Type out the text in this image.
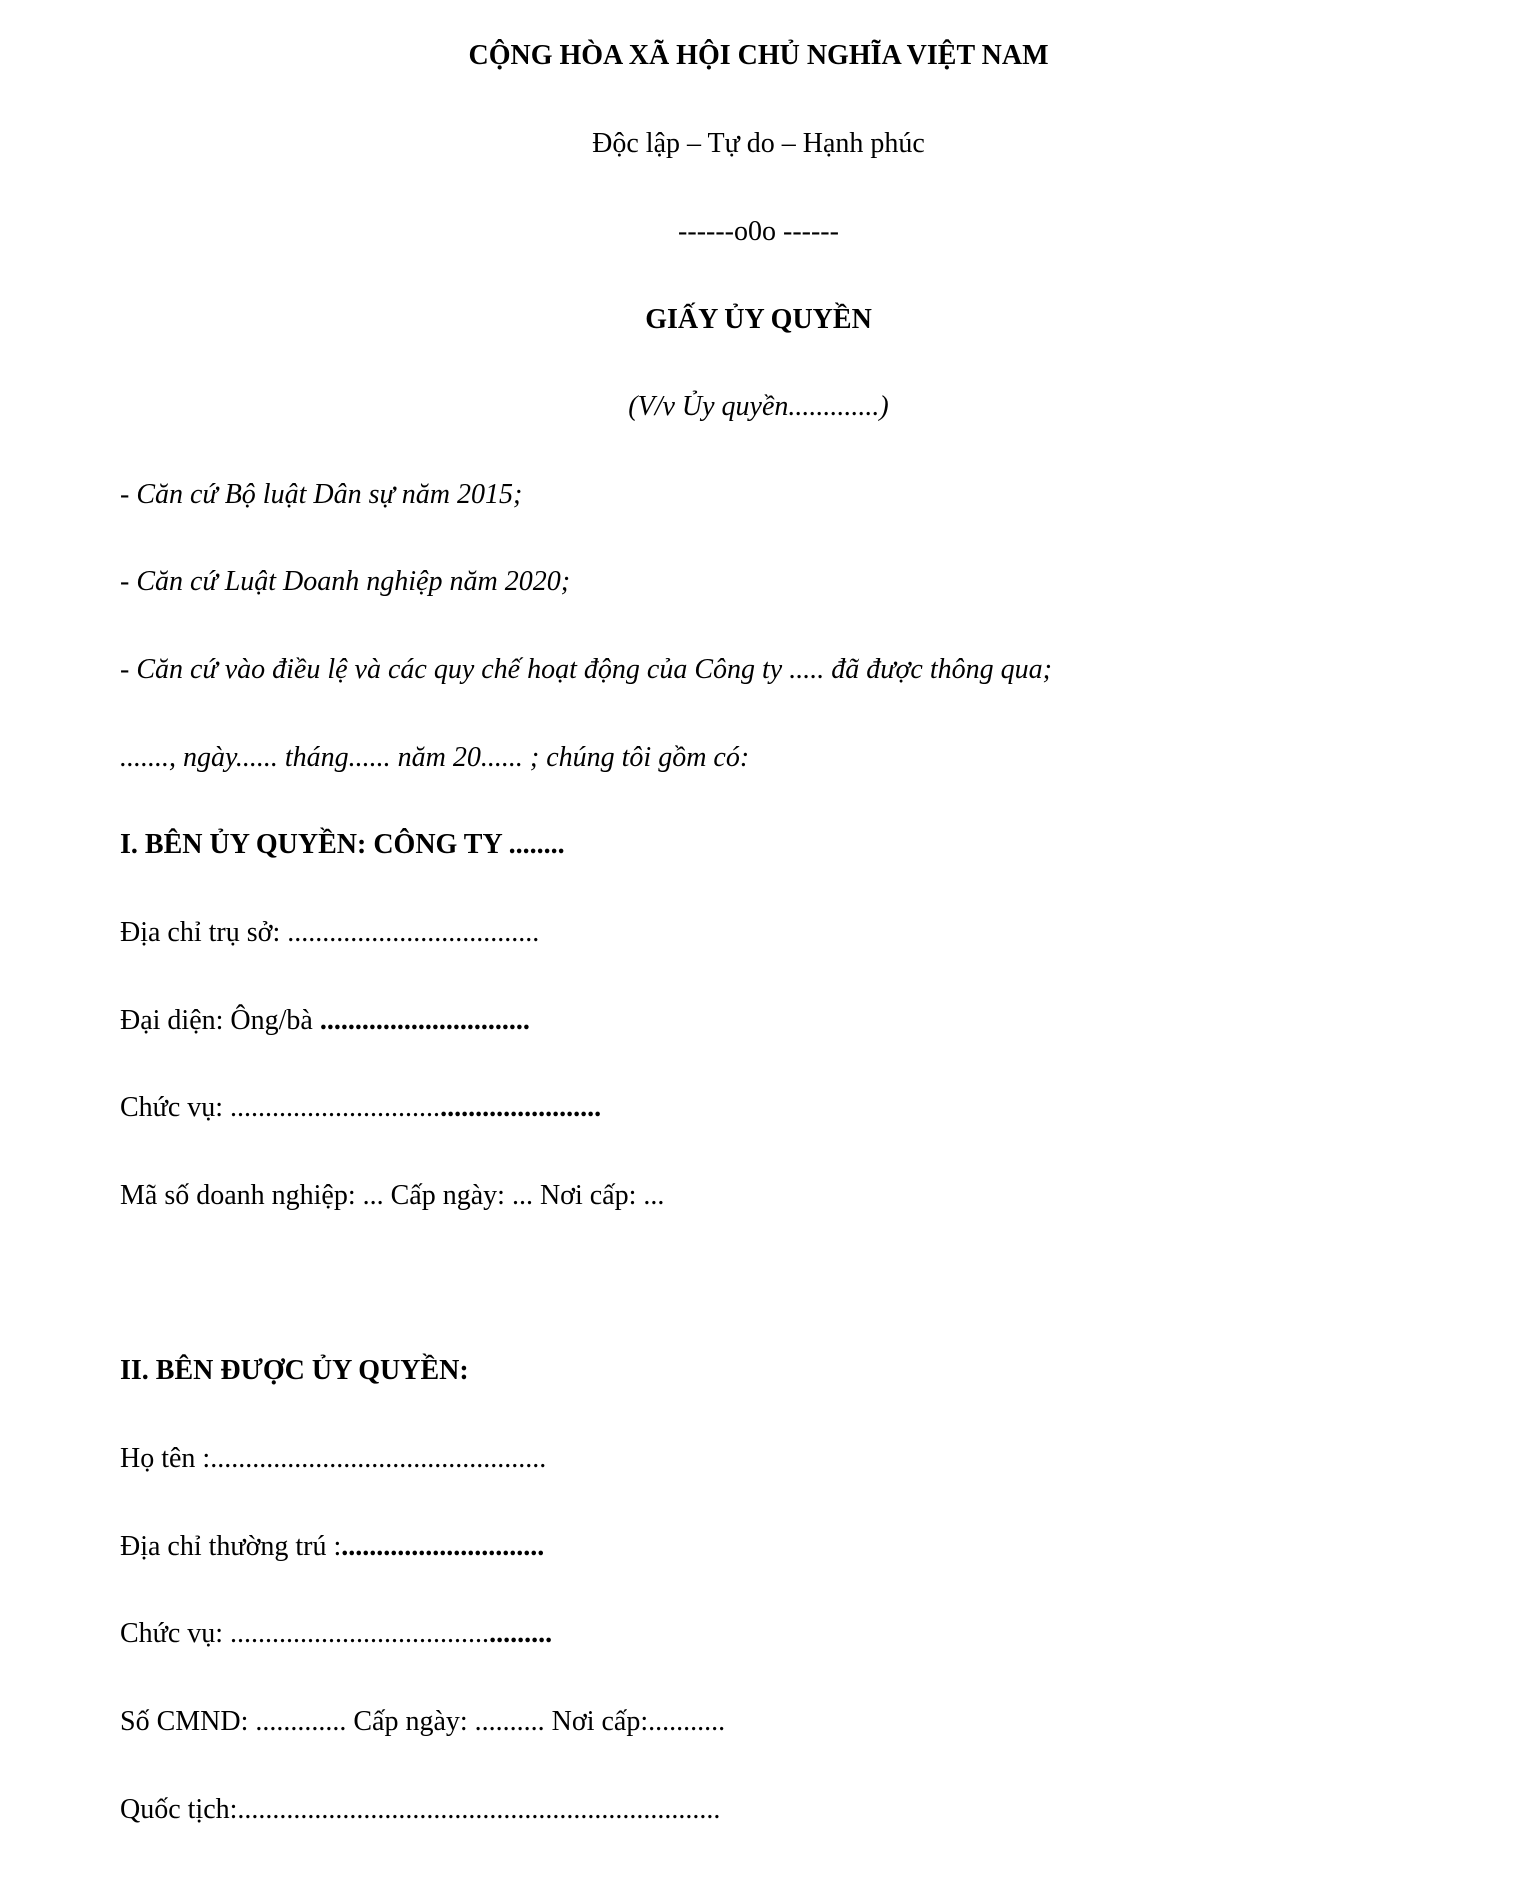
CỘNG HÒA XÃ HỘI CHỦ NGHĨA VIỆT NAM
Độc lập – Tự do – Hạnh phúc
------o0o ------
GIẤY ỦY QUYỀN
(V/v Ủy quyền.............)
- Căn cứ Bộ luật Dân sự năm 2015;
- Căn cứ Luật Doanh nghiệp năm 2020;
- Căn cứ vào điều lệ và các quy chế hoạt động của Công ty ..... đã được thông qua;
......., ngày...... tháng...... năm 20...... ; chúng tôi gồm có:
I. BÊN ỦY QUYỀN: CÔNG TY ........
Địa chỉ trụ sở: ....................................
Đại diện: Ông/bà ..............................
Chức vụ: .....................................................
Mã số doanh nghiệp: ... Cấp ngày: ... Nơi cấp: ...
II. BÊN ĐƯỢC ỦY QUYỀN:
Họ tên :................................................
Địa chỉ thường trú :.............................
Chức vụ: ..............................................
Số CMND: ............. Cấp ngày: .......... Nơi cấp:...........
Quốc tịch:.....................................................................
